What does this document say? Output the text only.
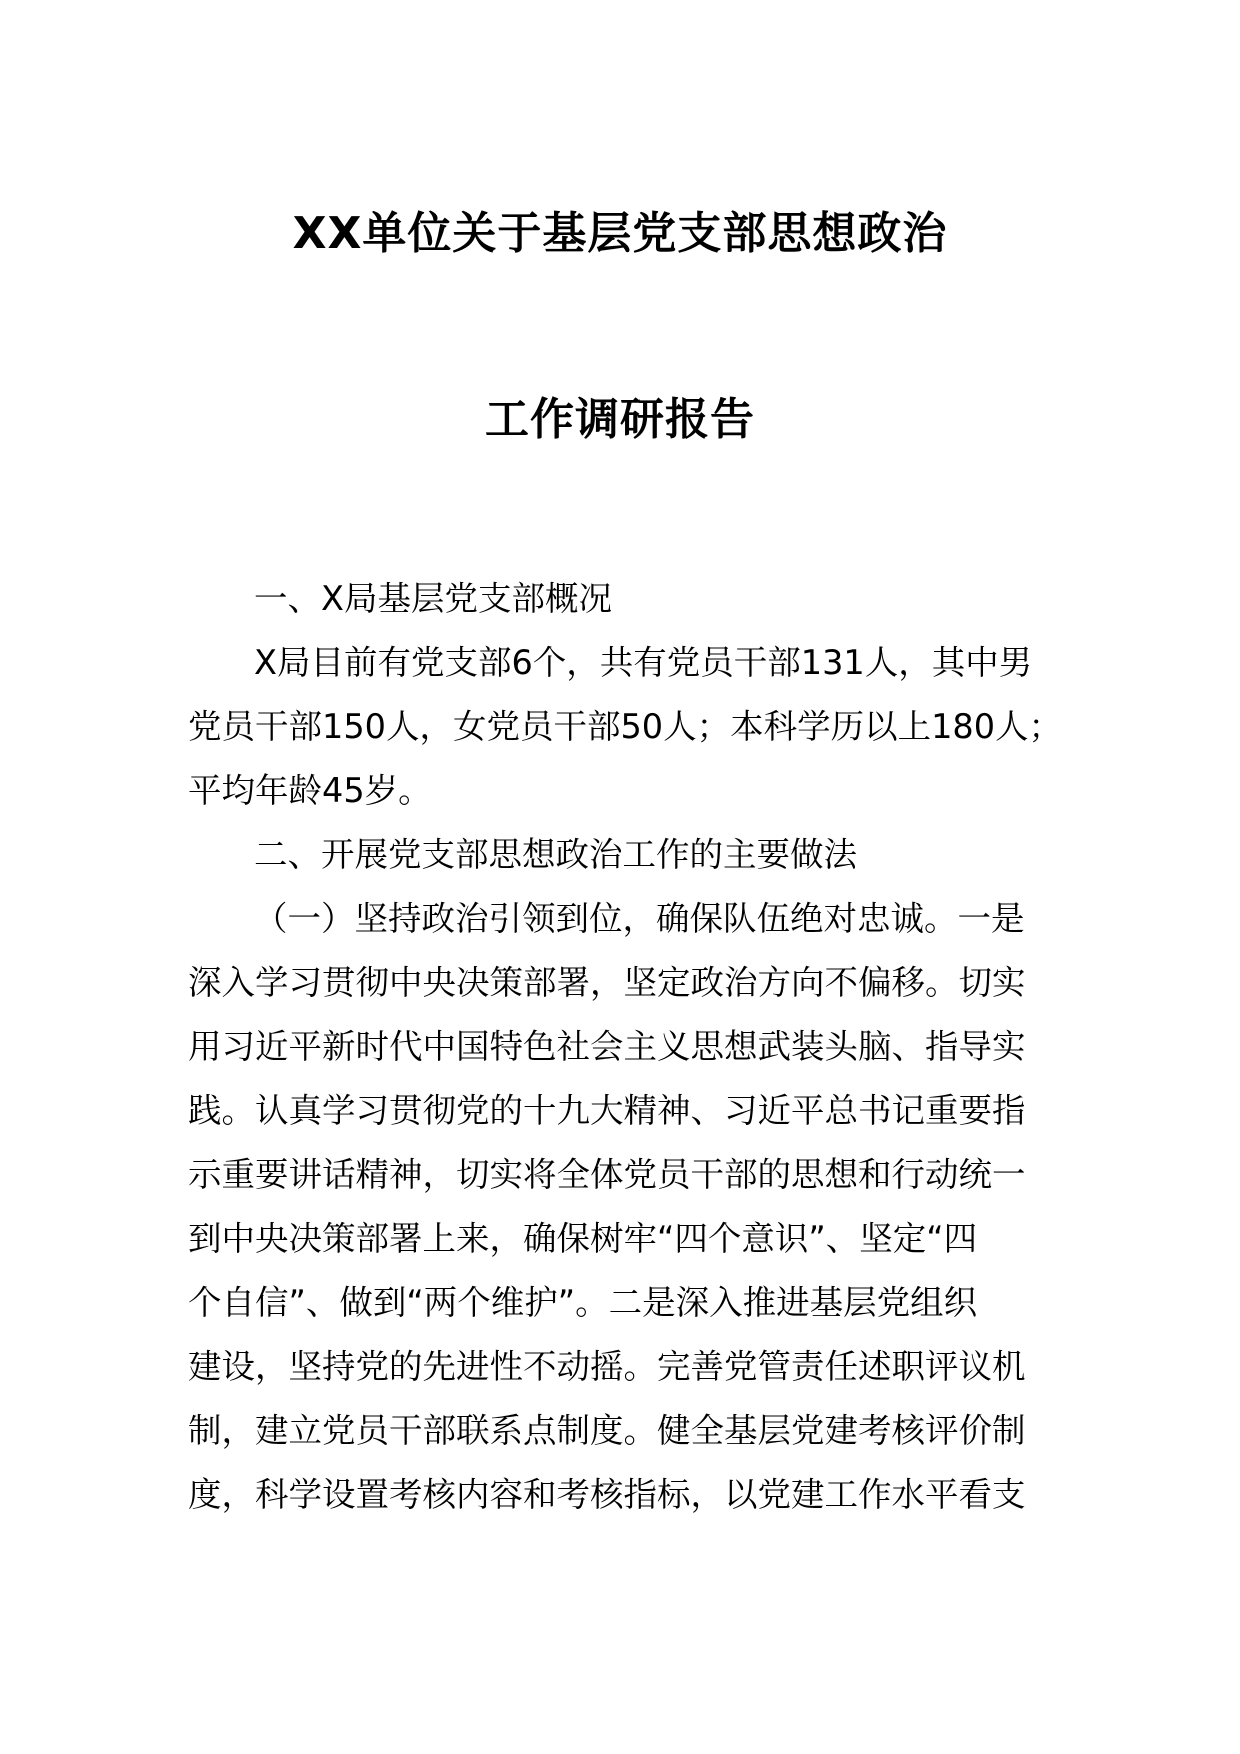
XX单位关于基层党支部思想政治
工作调研报告
一、X局基层党支部概况
X局目前有党支部6个，共有党员干部131人，其中男
党员干部150人，女党员干部50人；本科学历以上180人；
平均年龄45岁。
二、开展党支部思想政治工作的主要做法
（一）坚持政治引领到位，确保队伍绝对忠诚。一是
深入学习贯彻中央决策部署，坚定政治方向不偏移。切实
用习近平新时代中国特色社会主义思想武装头脑、指导实
践。认真学习贯彻党的十九大精神、习近平总书记重要指
示重要讲话精神，切实将全体党员干部的思想和行动统一
到中央决策部署上来，确保树牢“四个意识”、坚定“四
个自信”、做到“两个维护”。二是深入推进基层党组织
建设，坚持党的先进性不动摇。完善党管责任述职评议机
制，建立党员干部联系点制度。健全基层党建考核评价制
度，科学设置考核内容和考核指标，以党建工作水平看支
